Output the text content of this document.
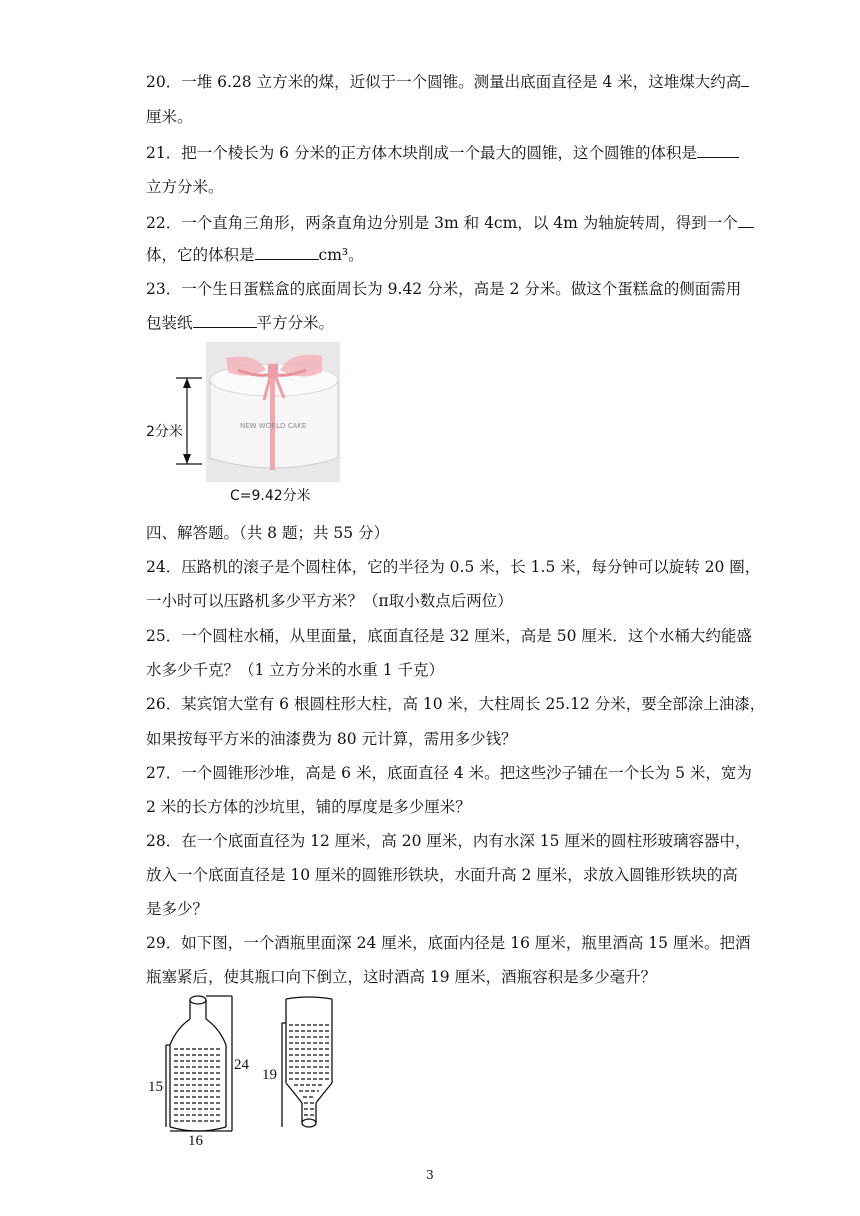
20．一堆 6.28 立方米的煤，近似于一个圆锥。测量出底面直径是 4 米，这堆煤大约高
厘米。
21．把一个棱长为 6 分米的正方体木块削成一个最大的圆锥，这个圆锥的体积是
立方分米。
22．一个直角三角形，两条直角边分别是 3m 和 4cm，以 4m 为轴旋转周，得到一个
体，它的体积是	cm³。
23．一个生日蛋糕盒的底面周长为 9.42 分米，高是 2 分米。做这个蛋糕盒的侧面需用
包装纸	平方分米。
NEW WORLD CAKE
2分米
C=9.42分米
四、解答题。（共 8 题；共 55 分）
24．压路机的滚子是个圆柱体，它的半径为 0.5 米，长 1.5 米，每分钟可以旋转 20 圈，
一小时可以压路机多少平方米？（π取小数点后两位）
25．一个圆柱水桶，从里面量，底面直径是 32 厘米，高是 50 厘米．这个水桶大约能盛
水多少千克？（1 立方分米的水重 1 千克）
26．某宾馆大堂有 6 根圆柱形大柱，高 10 米，大柱周长 25.12 分米，要全部涂上油漆，
如果按每平方米的油漆费为 80 元计算，需用多少钱？
27．一个圆锥形沙堆，高是 6 米，底面直径 4 米。把这些沙子铺在一个长为 5 米，宽为
2 米的长方体的沙坑里，铺的厚度是多少厘米？
28．在一个底面直径为 12 厘米，高 20 厘米，内有水深 15 厘米的圆柱形玻璃容器中，
放入一个底面直径是 10 厘米的圆锥形铁块，水面升高 2 厘米，求放入圆锥形铁块的高
是多少？
29．如下图，一个酒瓶里面深 24 厘米，底面内径是 16 厘米，瓶里酒高 15 厘米。把酒
瓶塞紧后，使其瓶口向下倒立，这时酒高 19 厘米，酒瓶容积是多少毫升？
24
15
16
19
3
